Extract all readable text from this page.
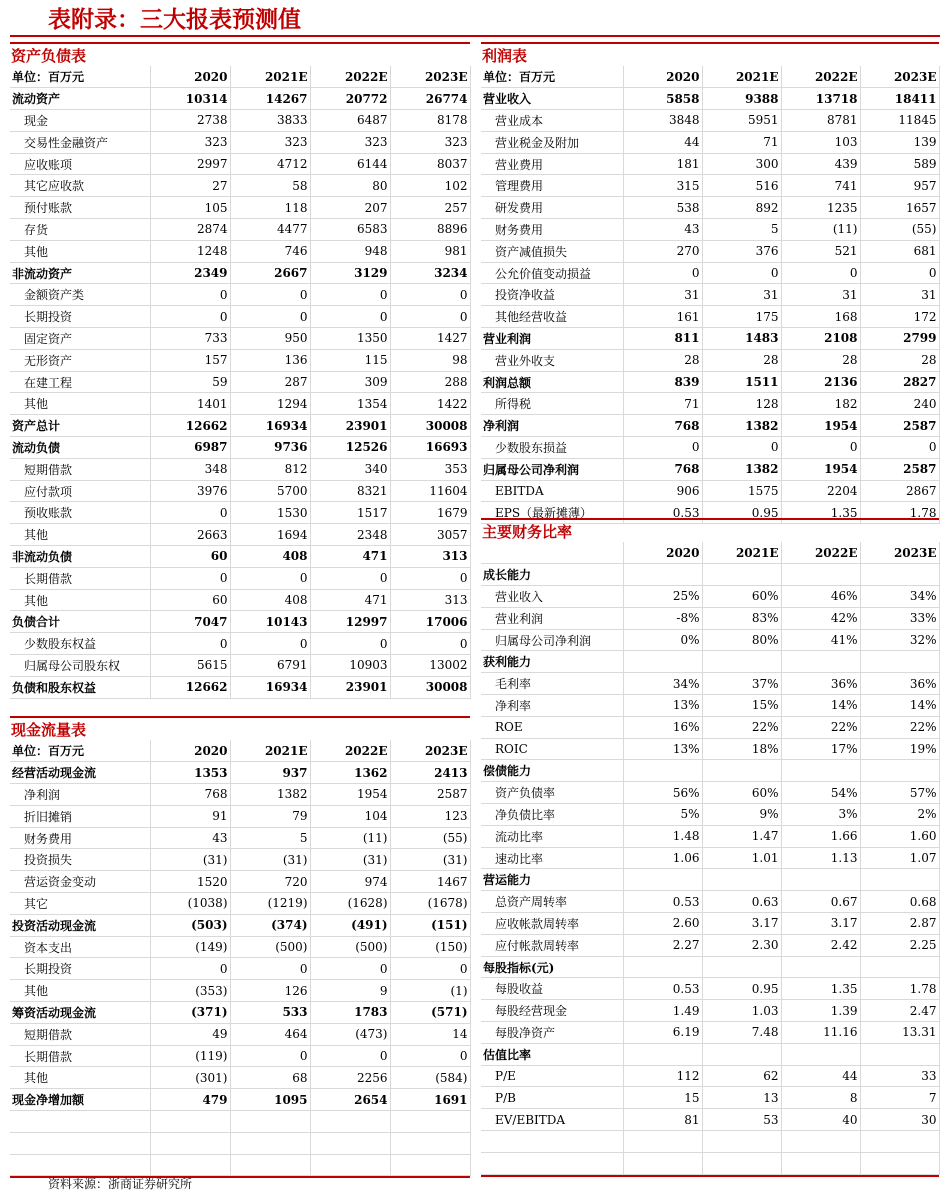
表附录：三大报表预测值
资产负债表
单位：百万元	2020	2021E	2022E	2023E
流动资产	10314	14267	20772	26774
现金	2738	3833	6487	8178
交易性金融资产	323	323	323	323
应收账项	2997	4712	6144	8037
其它应收款	27	58	80	102
预付账款	105	118	207	257
存货	2874	4477	6583	8896
其他	1248	746	948	981
非流动资产	2349	2667	3129	3234
金额资产类	0	0	0	0
长期投资	0	0	0	0
固定资产	733	950	1350	1427
无形资产	157	136	115	98
在建工程	59	287	309	288
其他	1401	1294	1354	1422
资产总计	12662	16934	23901	30008
流动负债	6987	9736	12526	16693
短期借款	348	812	340	353
应付款项	3976	5700	8321	11604
预收账款	0	1530	1517	1679
其他	2663	1694	2348	3057
非流动负债	60	408	471	313
长期借款	0	0	0	0
其他	60	408	471	313
负债合计	7047	10143	12997	17006
少数股东权益	0	0	0	0
归属母公司股东权	5615	6791	10903	13002
负债和股东权益	12662	16934	23901	30008
现金流量表
单位：百万元	2020	2021E	2022E	2023E
经营活动现金流	1353	937	1362	2413
净利润	768	1382	1954	2587
折旧摊销	91	79	104	123
财务费用	43	5	(11)	(55)
投资损失	(31)	(31)	(31)	(31)
营运资金变动	1520	720	974	1467
其它	(1038)	(1219)	(1628)	(1678)
投资活动现金流	(503)	(374)	(491)	(151)
资本支出	(149)	(500)	(500)	(150)
长期投资	0	0	0	0
其他	(353)	126	9	(1)
筹资活动现金流	(371)	533	1783	(571)
短期借款	49	464	(473)	14
长期借款	(119)	0	0	0
其他	(301)	68	2256	(584)
现金净增加额	479	1095	2654	1691

利润表
单位：百万元	2020	2021E	2022E	2023E
营业收入	5858	9388	13718	18411
营业成本	3848	5951	8781	11845
营业税金及附加	44	71	103	139
营业费用	181	300	439	589
管理费用	315	516	741	957
研发费用	538	892	1235	1657
财务费用	43	5	(11)	(55)
资产减值损失	270	376	521	681
公允价值变动损益	0	0	0	0
投资净收益	31	31	31	31
其他经营收益	161	175	168	172
营业利润	811	1483	2108	2799
营业外收支	28	28	28	28
利润总额	839	1511	2136	2827
所得税	71	128	182	240
净利润	768	1382	1954	2587
少数股东损益	0	0	0	0
归属母公司净利润	768	1382	1954	2587
EBITDA	906	1575	2204	2867
EPS（最新摊薄）	0.53	0.95	1.35	1.78
主要财务比率
	2020	2021E	2022E	2023E
成长能力				
营业收入	25%	60%	46%	34%
营业利润	-8%	83%	42%	33%
归属母公司净利润	0%	80%	41%	32%
获利能力				
毛利率	34%	37%	36%	36%
净利率	13%	15%	14%	14%
ROE	16%	22%	22%	22%
ROIC	13%	18%	17%	19%
偿债能力				
资产负债率	56%	60%	54%	57%
净负债比率	5%	9%	3%	2%
流动比率	1.48	1.47	1.66	1.60
速动比率	1.06	1.01	1.13	1.07
营运能力				
总资产周转率	0.53	0.63	0.67	0.68
应收帐款周转率	2.60	3.17	3.17	2.87
应付帐款周转率	2.27	2.30	2.42	2.25
每股指标(元)				
每股收益	0.53	0.95	1.35	1.78
每股经营现金	1.49	1.03	1.39	2.47
每股净资产	6.19	7.48	11.16	13.31
估值比率				
P/E	112	62	44	33
P/B	15	13	8	7
EV/EBITDA	81	53	40	30

资料来源：浙商证券研究所
